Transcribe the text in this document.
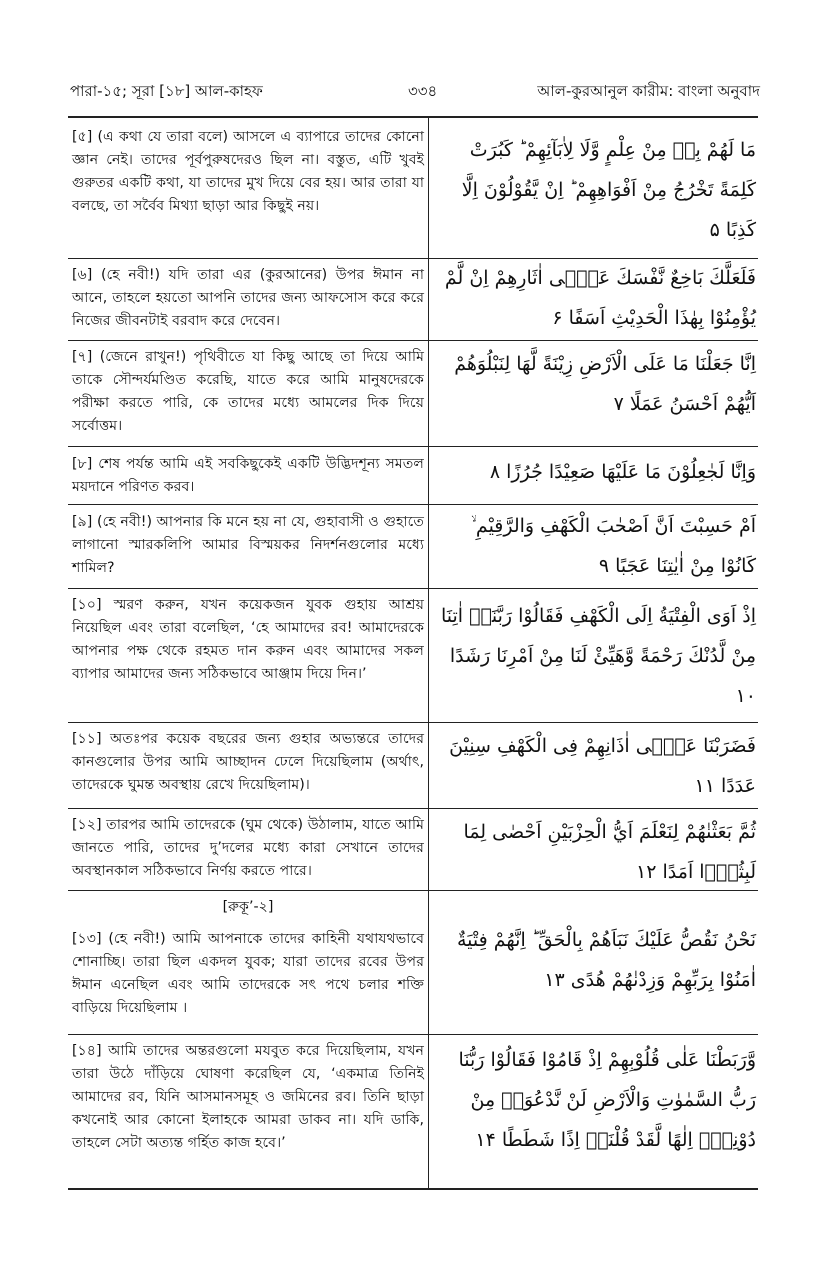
পারা-১৫; সূরা [১৮] আল-কাহফ	৩৩৪	আল-কুরআনুল কারীম: বাংলা অনুবাদ
[৫] (এ কথা যে তারা বলে) আসলে এ ব্যাপারে তাদের কোনো জ্ঞান নেই। তাদের পূর্বপুরুষদেরও ছিল না। বস্তুত, এটি খুবই গুরুতর একটি কথা, যা তাদের মুখ দিয়ে বের হয়। আর তারা যা বলছে, তা সর্বৈব মিথ্যা ছাড়া আর কিছুই নয়।
مَا لَهُمْ بِهٖ مِنْ عِلْمٍ وَّلَا لِاٰبَآئِهِمْ ؕ كَبُرَتْ كَلِمَةً تَخْرُجُ مِنْ اَفْوَاهِهِمْ ؕ اِنْ يَّقُوْلُوْنَ اِلَّا كَذِبًا ۵
[৬] (হে নবী!) যদি তারা এর (কুরআনের) উপর ঈমান না আনে, তাহলে হয়তো আপনি তাদের জন্য আফসোস করে করে নিজের জীবনটাই বরবাদ করে দেবেন।
فَلَعَلَّكَ بَاخِعٌ نَّفْسَكَ عَلٰۤى اٰثَارِهِمْ اِنْ لَّمْ يُؤْمِنُوْا بِهٰذَا الْحَدِيْثِ اَسَفًا ۶
[৭] (জেনে রাখুন!) পৃথিবীতে যা কিছু আছে তা দিয়ে আমি তাকে সৌন্দর্যমণ্ডিত করেছি, যাতে করে আমি মানুষদেরকে পরীক্ষা করতে পারি, কে তাদের মধ্যে আমলের দিক দিয়ে সর্বোত্তম।
اِنَّا جَعَلْنَا مَا عَلَى الْاَرْضِ زِيْنَةً لَّهَا لِنَبْلُوَهُمْ اَيُّهُمْ اَحْسَنُ عَمَلًا ۷
[৮] শেষ পর্যন্ত আমি এই সবকিছুকেই একটি উদ্ভিদশূন্য সমতল ময়দানে পরিণত করব।
وَاِنَّا لَجٰعِلُوْنَ مَا عَلَيْهَا صَعِيْدًا جُرُزًا ۸
[৯] (হে নবী!) আপনার কি মনে হয় না যে, গুহাবাসী ও গুহাতে লাগানো স্মারকলিপি আমার বিস্ময়কর নিদর্শনগুলোর মধ্যে শামিল?
اَمْ حَسِبْتَ اَنَّ اَصْحٰبَ الْكَهْفِ وَالرَّقِيْمِ ۙ كَانُوْا مِنْ اٰيٰتِنَا عَجَبًا ۹
[১০] স্মরণ করুন, যখন কয়েকজন যুবক গুহায় আশ্রয় নিয়েছিল এবং তারা বলেছিল, ‘হে আমাদের রব! আমাদেরকে আপনার পক্ষ থেকে রহমত দান করুন এবং আমাদের সকল ব্যাপার আমাদের জন্য সঠিকভাবে আঞ্জাম দিয়ে দিন।’
اِذْ اَوَى الْفِتْيَةُ اِلَى الْكَهْفِ فَقَالُوْا رَبَّنَاۤ اٰتِنَا مِنْ لَّدُنْكَ رَحْمَةً وَّهَيِّئْ لَنَا مِنْ اَمْرِنَا رَشَدًا ۱۰
[১১] অতঃপর কয়েক বছরের জন্য গুহার অভ্যন্তরে তাদের কানগুলোর উপর আমি আচ্ছাদন ঢেলে দিয়েছিলাম (অর্থাৎ, তাদেরকে ঘুমন্ত অবস্থায় রেখে দিয়েছিলাম)।
فَضَرَبْنَا عَلٰۤى اٰذَانِهِمْ فِى الْكَهْفِ سِنِيْنَ عَدَدًا ۱۱
[১২] তারপর আমি তাদেরকে (ঘুম থেকে) উঠালাম, যাতে আমি জানতে পারি, তাদের দু’দলের মধ্যে কারা সেখানে তাদের অবস্থানকাল সঠিকভাবে নির্ণয় করতে পারে।
ثُمَّ بَعَثْنٰهُمْ لِنَعْلَمَ اَيُّ الْحِزْبَيْنِ اَحْصٰى لِمَا لَبِثُوْۤا اَمَدًا ۱۲
[রুকূ’-২]
[১৩] (হে নবী!) আমি আপনাকে তাদের কাহিনী যথাযথভাবে শোনাচ্ছি। তারা ছিল একদল যুবক; যারা তাদের রবের উপর ঈমান এনেছিল এবং আমি তাদেরকে সৎ পথে চলার শক্তি বাড়িয়ে দিয়েছিলাম ।
نَحْنُ نَقُصُّ عَلَيْكَ نَبَاَهُمْ بِالْحَقِّ ؕ اِنَّهُمْ فِتْيَةٌ اٰمَنُوْا بِرَبِّهِمْ وَزِدْنٰهُمْ هُدًى ۱۳
[১৪] আমি তাদের অন্তরগুলো মযবুত করে দিয়েছিলাম, যখন তারা উঠে দাঁড়িয়ে ঘোষণা করেছিল যে, ‘একমাত্র তিনিই আমাদের রব, যিনি আসমানসমূহ ও জমিনের রব। তিনি ছাড়া কখনোই আর কোনো ইলাহকে আমরা ডাকব না। যদি ডাকি, তাহলে সেটা অত্যন্ত গর্হিত কাজ হবে।’
وَّرَبَطْنَا عَلٰى قُلُوْبِهِمْ اِذْ قَامُوْا فَقَالُوْا رَبُّنَا رَبُّ السَّمٰوٰتِ وَالْاَرْضِ لَنْ نَّدْعُوَاۡ مِنْ دُوْنِهٖۤ اِلٰهًا لَّقَدْ قُلْنَاۤ اِذًا شَطَطًا ۱۴
